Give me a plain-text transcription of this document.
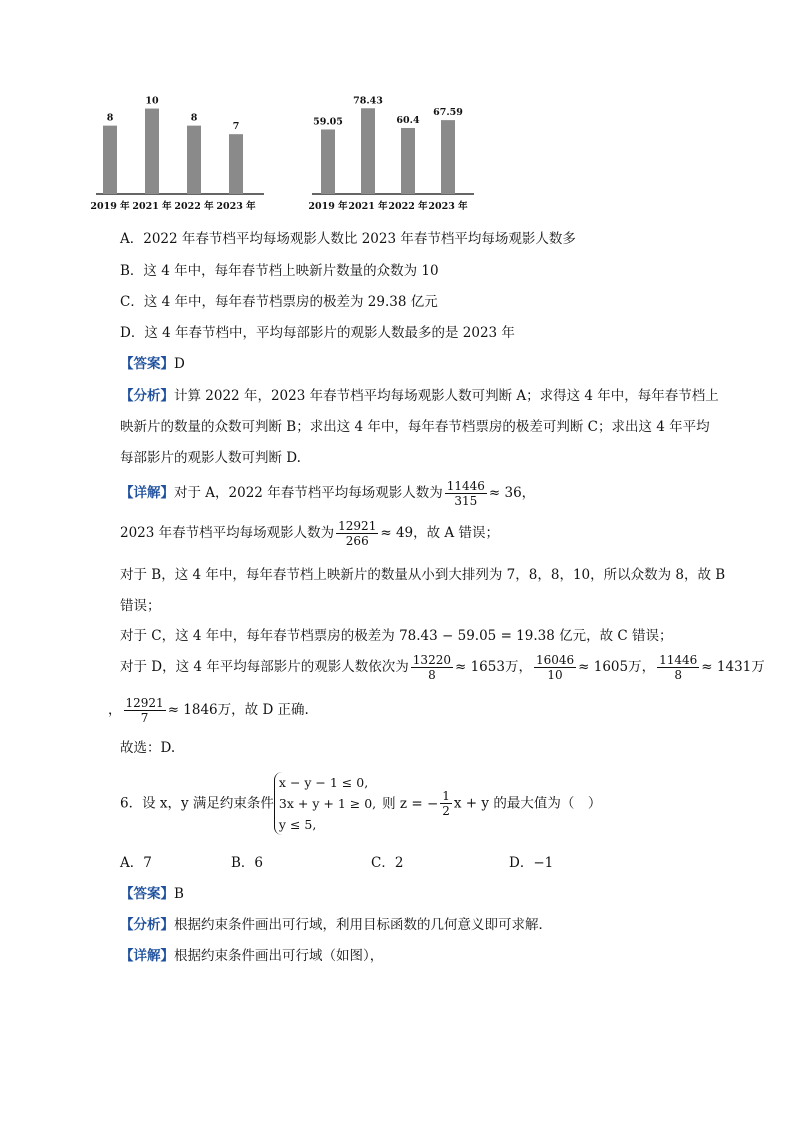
8
2019 年
10
2021 年
8
2022 年
7
2023 年
59.05
2019 年
78.43
2021 年
60.4
2022 年
67.59
2023 年
A．2022 年春节档平均每场观影人数比 2023 年春节档平均每场观影人数多
B．这 4 年中，每年春节档上映新片数量的众数为 10
C．这 4 年中，每年春节档票房的极差为 29.38 亿元
D．这 4 年春节档中，平均每部影片的观影人数最多的是 2023 年
【答案】D
【分析】计算 2022 年，2023 年春节档平均每场观影人数可判断 A；求得这 4 年中，每年春节档上
映新片的数量的众数可判断 B；求出这 4 年中，每年春节档票房的极差可判断 C；求出这 4 年平均
每部影片的观影人数可判断 D.
【详解】对于 A，2022 年春节档平均每场观影人数为 $\frac{11446}{315} \approx 36$，
2023 年春节档平均每场观影人数为 $\frac{12921}{266} \approx 49$，故 A 错误；
对于 B，这 4 年中，每年春节档上映新片的数量从小到大排列为 7，8，8，10，所以众数为 8，故 B
错误；
对于 C，这 4 年中，每年春节档票房的极差为 78.43 − 59.05 = 19.38 亿元，故 C 错误；
对于 D，这 4 年平均每部影片的观影人数依次为 $\frac{13220}{8} \approx 1653$万， $\frac{16046}{10} \approx 1605$万， $\frac{11446}{8} \approx 1431$万
， $\frac{12921}{7} \approx 1846$万，故 D 正确.
故选：D.
6．设 x，y 满足约束条件
x − y − 1 ≤ 0,
3x + y + 1 ≥ 0,
y ≤ 5,
则 z = − $\frac{1}{2}$ x + y 的最大值为（　）
A．7	B．6	C．2	D．−1
【答案】B
【分析】根据约束条件画出可行域，利用目标函数的几何意义即可求解．
【详解】根据约束条件画出可行域（如图），
